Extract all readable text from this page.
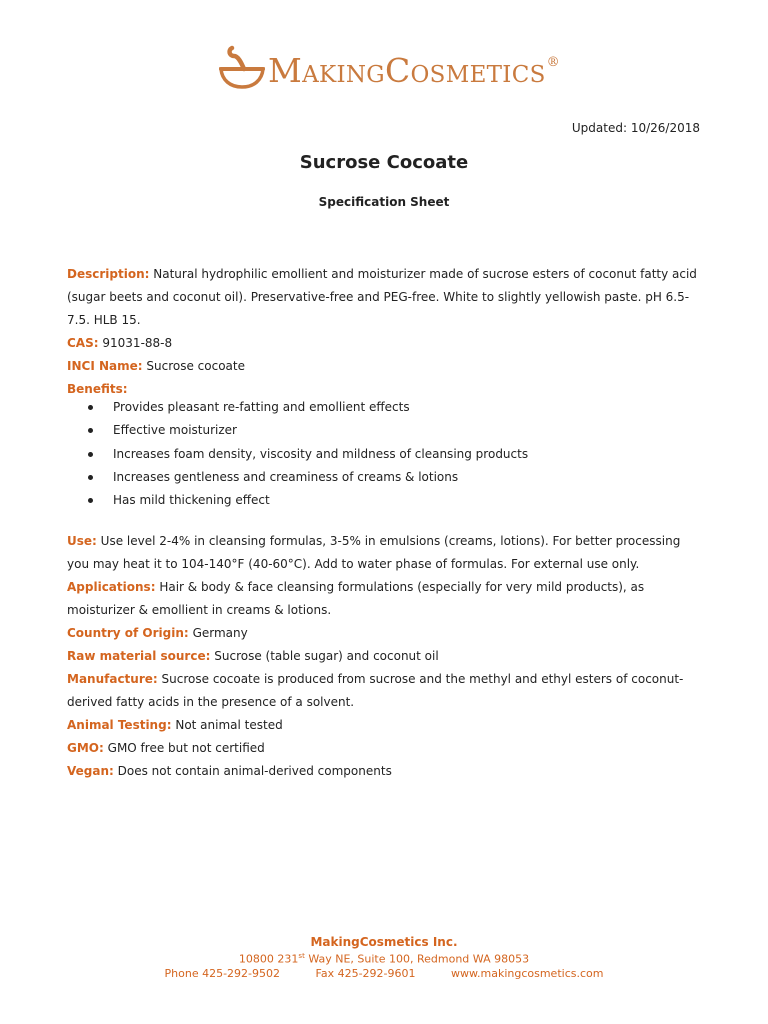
MakingCosmetics®
Updated: 10/26/2018
Sucrose Cocoate
Specification Sheet

Description: Natural hydrophilic emollient and moisturizer made of sucrose esters of coconut fatty acid (sugar beets and coconut oil). Preservative-free and PEG-free. White to slightly yellowish paste. pH 6.5-7.5. HLB 15.

CAS: 91031-88-8

INCI Name: Sucrose cocoate

Benefits:

Provides pleasant re-fatting and emollient effects
Effective moisturizer
Increases foam density, viscosity and mildness of cleansing products
Increases gentleness and creaminess of creams & lotions
Has mild thickening effect

Use: Use level 2-4% in cleansing formulas, 3-5% in emulsions (creams, lotions). For better processing you may heat it to 104-140°F (40-60°C). Add to water phase of formulas. For external use only.

Applications: Hair & body & face cleansing formulations (especially for very mild products), as moisturizer & emollient in creams & lotions.

Country of Origin: Germany

Raw material source: Sucrose (table sugar) and coconut oil

Manufacture: Sucrose cocoate is produced from sucrose and the methyl and ethyl esters of coconut-derived fatty acids in the presence of a solvent.

Animal Testing: Not animal tested

GMO: GMO free but not certified

Vegan: Does not contain animal-derived components

MakingCosmetics Inc.
10800 231st Way NE, Suite 100, Redmond WA 98053
Phone 425-292-9502	Fax 425-292-9601	www.makingcosmetics.com
